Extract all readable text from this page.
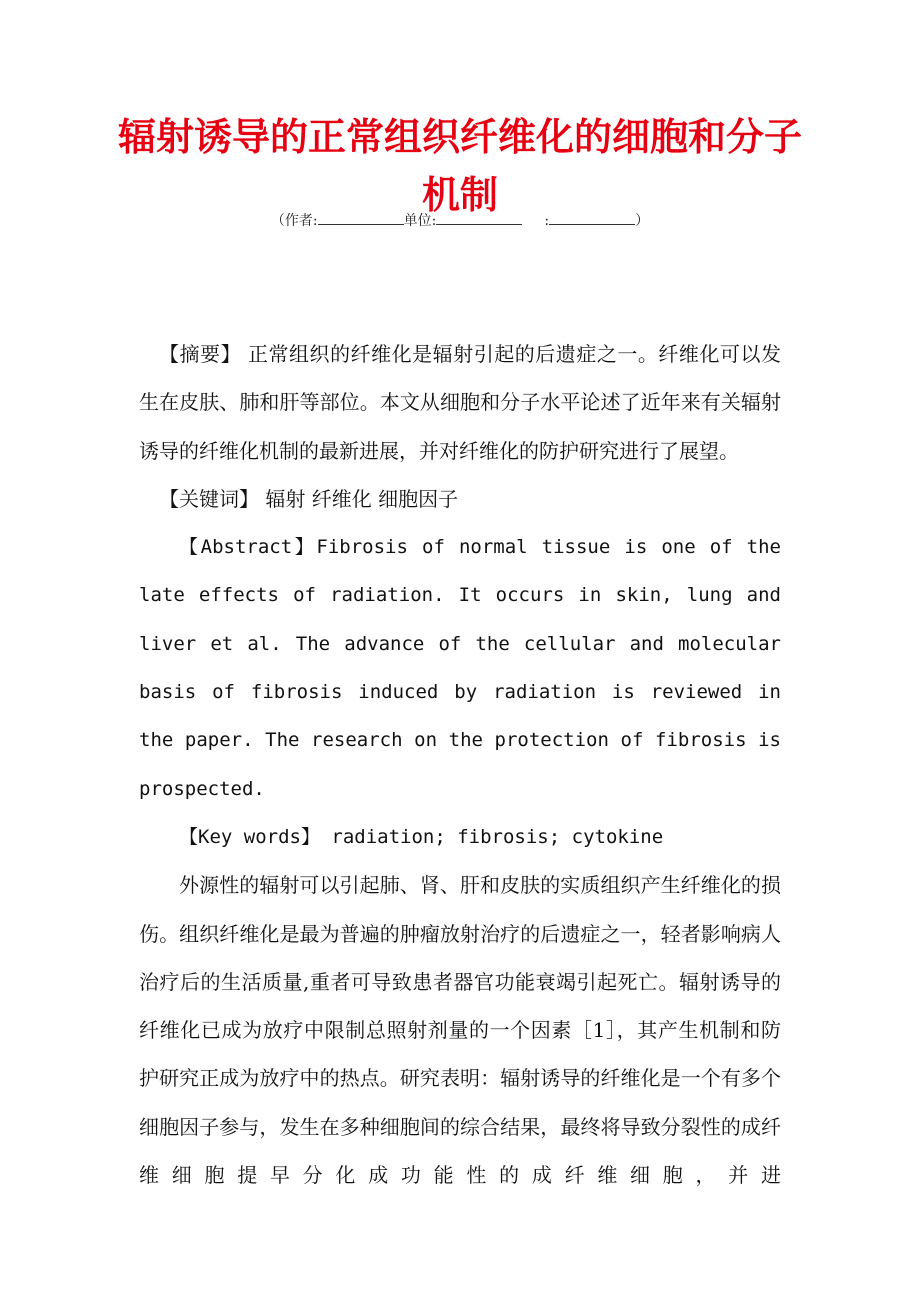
辐射诱导的正常组织纤维化的细胞和分子机制
（作者:	单位:	:	）

【摘要】 正常组织的纤维化是辐射引起的后遗症之一。纤维化可以发生在皮肤、肺和肝等部位。本文从细胞和分子水平论述了近年来有关辐射诱导的纤维化机制的最新进展，并对纤维化的防护研究进行了展望。

【关键词】 辐射 纤维化 细胞因子

【Abstract】Fibrosis of normal tissue is one of the late effects of radiation. It occurs in skin, lung and liver et al. The advance of the cellular and molecular basis of fibrosis induced by radiation is reviewed in the paper. The research on the protection of fibrosis is prospected.

【Key words】 radiation; fibrosis; cytokine

外源性的辐射可以引起肺、肾、肝和皮肤的实质组织产生纤维化的损伤。组织纤维化是最为普遍的肿瘤放射治疗的后遗症之一，轻者影响病人治疗后的生活质量,重者可导致患者器官功能衰竭引起死亡。辐射诱导的纤维化已成为放疗中限制总照射剂量的一个因素［1］，其产生机制和防护研究正成为放疗中的热点。研究表明：辐射诱导的纤维化是一个有多个细胞因子参与，发生在多种细胞间的综合结果，最终将导致分裂性的成纤维细胞提早分化成功能性的成纤维细胞，并进
